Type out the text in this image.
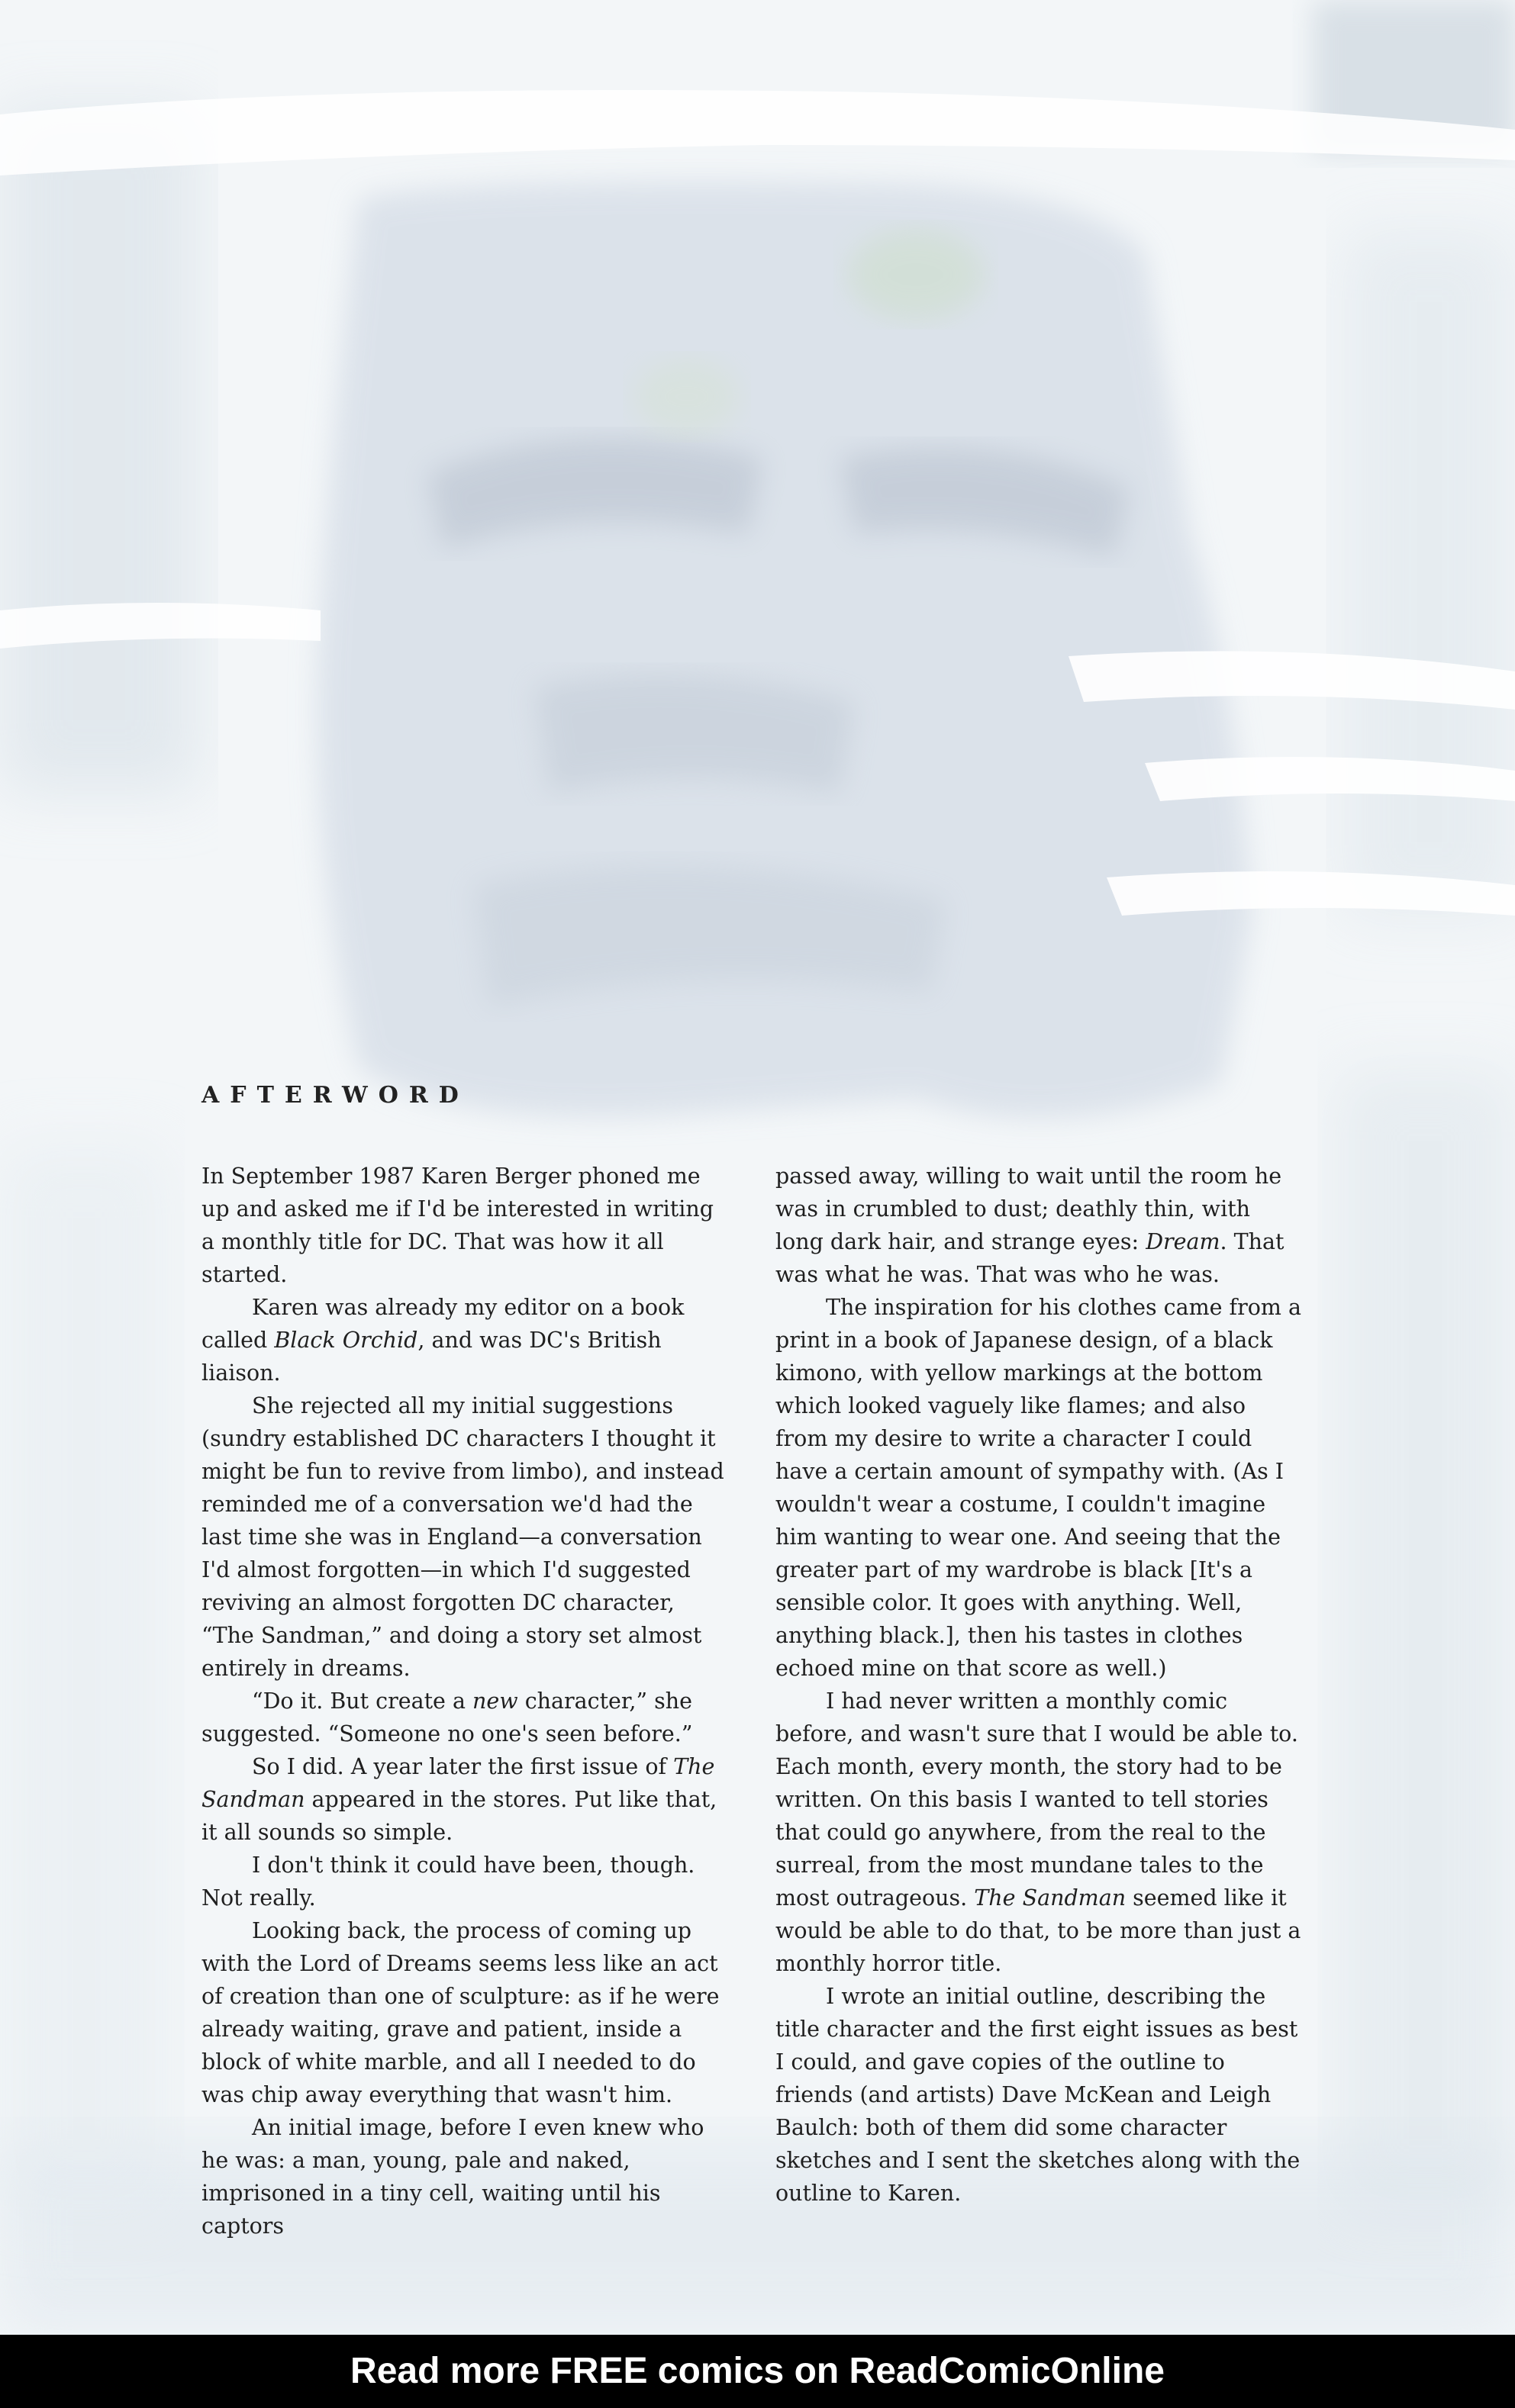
AFTERWORD

In September 1987 Karen Berger phoned me up and asked me if I'd be interested in writing a monthly title for DC. That was how it all started.

Karen was already my editor on a book called Black Orchid, and was DC's British liaison.

She rejected all my initial suggestions (sundry established DC characters I thought it might be fun to revive from limbo), and instead reminded me of a conversation we'd had the last time she was in England—a conversation I'd almost forgotten—in which I'd suggested reviving an almost forgotten DC character, “The Sandman,” and doing a story set almost entirely in dreams.

“Do it. But create a new character,” she suggested. “Someone no one's seen before.”

So I did. A year later the first issue of The Sandman appeared in the stores. Put like that, it all sounds so simple.

I don't think it could have been, though. Not really.

Looking back, the process of coming up with the Lord of Dreams seems less like an act of creation than one of sculpture: as if he were already waiting, grave and patient, inside a block of white marble, and all I needed to do was chip away everything that wasn't him.

An initial image, before I even knew who he was: a man, young, pale and naked, imprisoned in a tiny cell, waiting until his captors

passed away, willing to wait until the room he was in crumbled to dust; deathly thin, with long dark hair, and strange eyes: Dream. That was what he was. That was who he was.

The inspiration for his clothes came from a print in a book of Japanese design, of a black kimono, with yellow markings at the bottom which looked vaguely like flames; and also from my desire to write a character I could have a certain amount of sympathy with. (As I wouldn't wear a costume, I couldn't imagine him wanting to wear one. And seeing that the greater part of my wardrobe is black [It's a sensible color. It goes with anything. Well, anything black.], then his tastes in clothes echoed mine on that score as well.)

I had never written a monthly comic before, and wasn't sure that I would be able to. Each month, every month, the story had to be written. On this basis I wanted to tell stories that could go anywhere, from the real to the surreal, from the most mundane tales to the most outrageous. The Sandman seemed like it would be able to do that, to be more than just a monthly horror title.

I wrote an initial outline, describing the title character and the first eight issues as best I could, and gave copies of the outline to friends (and artists) Dave McKean and Leigh Baulch: both of them did some character sketches and I sent the sketches along with the outline to Karen.

Read more FREE comics on ReadComicOnline
